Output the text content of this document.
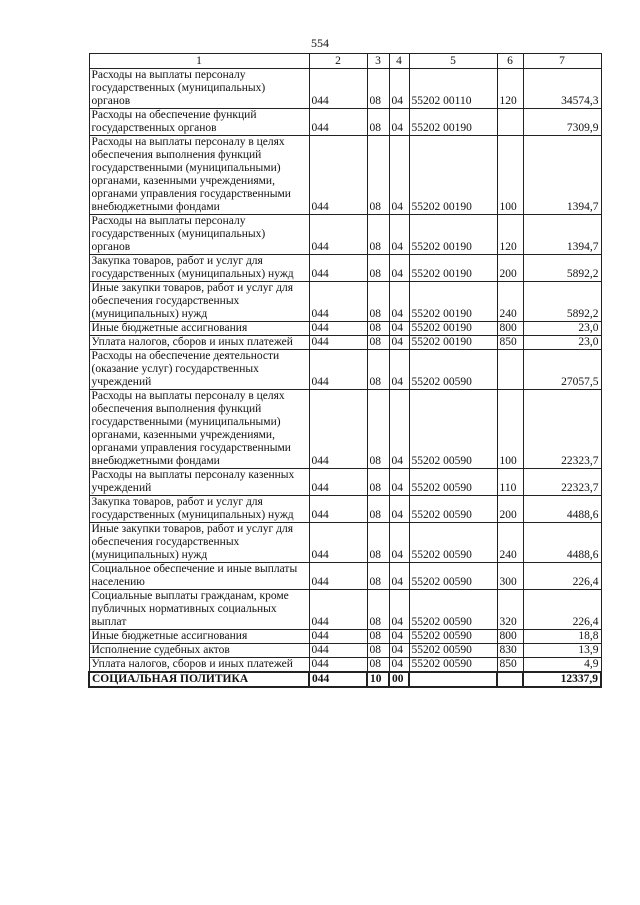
554
1	2	3	4	5	6	7
Расходы на выплаты персоналу государственных (муниципальных) органов	044	08	04	55202 00110	120	34574,3
Расходы на обеспечение функций государственных органов	044	08	04	55202 00190		7309,9
Расходы на выплаты персоналу в целях обеспечения выполнения функций государственными (муниципальными) органами, казенными учреждениями, органами управления государственными внебюджетными фондами	044	08	04	55202 00190	100	1394,7
Расходы на выплаты персоналу государственных (муниципальных) органов	044	08	04	55202 00190	120	1394,7
Закупка товаров, работ и услуг для государственных (муниципальных) нужд	044	08	04	55202 00190	200	5892,2
Иные закупки товаров, работ и услуг для обеспечения государственных (муниципальных) нужд	044	08	04	55202 00190	240	5892,2
Иные бюджетные ассигнования	044	08	04	55202 00190	800	23,0
Уплата налогов, сборов и иных платежей	044	08	04	55202 00190	850	23,0
Расходы на обеспечение деятельности (оказание услуг) государственных учреждений	044	08	04	55202 00590		27057,5
Расходы на выплаты персоналу в целях обеспечения выполнения функций государственными (муниципальными) органами, казенными учреждениями, органами управления государственными внебюджетными фондами	044	08	04	55202 00590	100	22323,7
Расходы на выплаты персоналу казенных учреждений	044	08	04	55202 00590	110	22323,7
Закупка товаров, работ и услуг для государственных (муниципальных) нужд	044	08	04	55202 00590	200	4488,6
Иные закупки товаров, работ и услуг для обеспечения государственных (муниципальных) нужд	044	08	04	55202 00590	240	4488,6
Социальное обеспечение и иные выплаты населению	044	08	04	55202 00590	300	226,4
Социальные выплаты гражданам, кроме публичных нормативных социальных выплат	044	08	04	55202 00590	320	226,4
Иные бюджетные ассигнования	044	08	04	55202 00590	800	18,8
Исполнение судебных актов	044	08	04	55202 00590	830	13,9
Уплата налогов, сборов и иных платежей	044	08	04	55202 00590	850	4,9
СОЦИАЛЬНАЯ ПОЛИТИКА	044	10	00			12337,9
